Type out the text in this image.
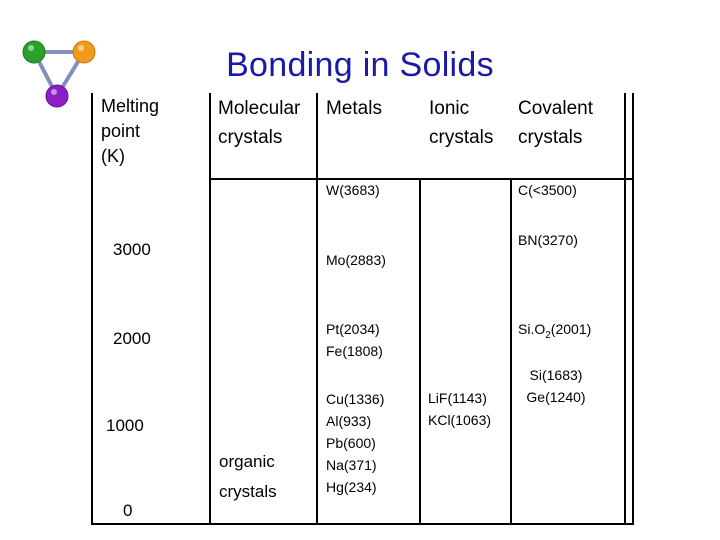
Bonding in Solids
Melting
point
(K)
Molecular
crystals
Metals Ionic
crystals
Covalent
crystals
3000
2000
1000
0
organic
crystals
W(3683)
Mo(2883)
Pt(2034)
Fe(1808)
Cu(1336)
Al(933)
Pb(600)
Na(371)
Hg(234)
LiF(1143)
KCl(1063)
C(<3500)
BN(3270)
$Si.O_2(2001)$
Si(1683)
Ge(1240)
